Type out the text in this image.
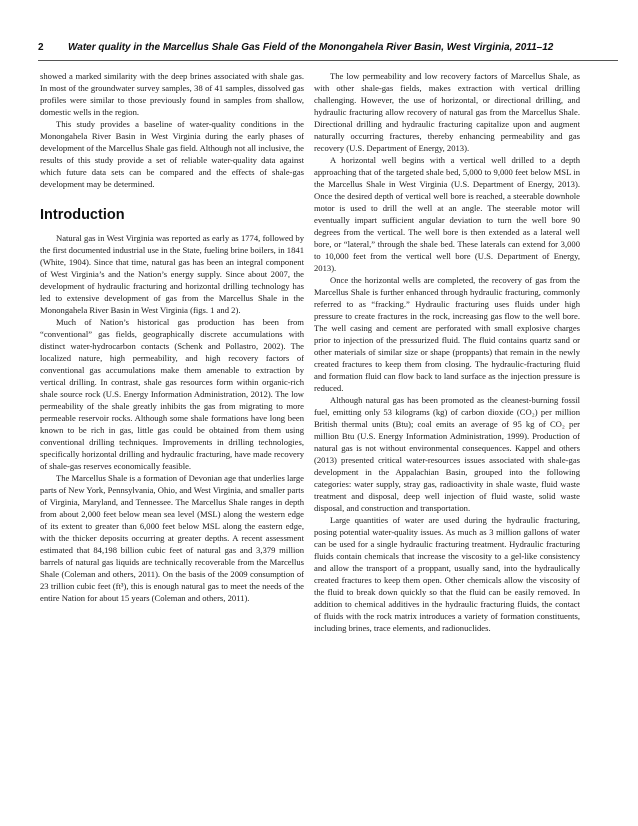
2 Water quality in the Marcellus Shale Gas Field of the Monongahela River Basin, West Virginia, 2011–12

showed a marked similarity with the deep brines associated with shale gas. In most of the groundwater survey samples, 38 of 41 samples, dissolved gas profiles were similar to those previously found in samples from shallow, domestic wells in the region.

This study provides a baseline of water-quality conditions in the Monongahela River Basin in West Virginia during the early phases of development of the Marcellus Shale gas field. Although not all inclusive, the results of this study provide a set of reliable water-quality data against which future data sets can be compared and the effects of shale-gas development may be determined.

Introduction

Natural gas in West Virginia was reported as early as 1774, followed by the first documented industrial use in the State, fueling brine boilers, in 1841 (White, 1904). Since that time, natural gas has been an integral component of West Virginia’s and the Nation’s energy supply. Since about 2007, the development of hydraulic fracturing and horizontal drilling technology has led to extensive development of gas from the Marcellus Shale in the Monongahela River Basin in West Virginia (figs. 1 and 2).

Much of Nation’s historical gas production has been from “conventional” gas fields, geographically discrete accumulations with distinct water-hydrocarbon contacts (Schenk and Pollastro, 2002). The localized nature, high permeability, and high recovery factors of conventional gas accumulations make them amenable to extraction by vertical drilling. In contrast, shale gas resources form within organic-rich shale source rock (U.S. Energy Information Administration, 2012). The low permeability of the shale greatly inhibits the gas from migrating to more permeable reservoir rocks. Although some shale formations have long been known to be rich in gas, little gas could be obtained from them using conventional drilling techniques. Improvements in drilling technologies, specifically horizontal drilling and hydraulic fracturing, have made recovery of shale-gas reserves economically feasible.

The Marcellus Shale is a formation of Devonian age that underlies large parts of New York, Pennsylvania, Ohio, and West Virginia, and smaller parts of Virginia, Maryland, and Tennessee. The Marcellus Shale ranges in depth from about 2,000 feet below mean sea level (MSL) along the western edge of its extent to greater than 6,000 feet below MSL along the eastern edge, with the thicker deposits occurring at greater depths. A recent assessment estimated that 84,198 billion cubic feet of natural gas and 3,379 million barrels of natural gas liquids are technically recoverable from the Marcellus Shale (Coleman and others, 2011). On the basis of the 2009 consumption of 23 trillion cubic feet (ft³), this is enough natural gas to meet the needs of the entire Nation for about 15 years (Coleman and others, 2011).

The low permeability and low recovery factors of Marcellus Shale, as with other shale-gas fields, makes extraction with vertical drilling challenging. However, the use of horizontal, or directional drilling, and hydraulic fracturing allow recovery of natural gas from the Marcellus Shale. Directional drilling and hydraulic fracturing capitalize upon and augment naturally occurring fractures, thereby enhancing permeability and gas recovery (U.S. Department of Energy, 2013).

A horizontal well begins with a vertical well drilled to a depth approaching that of the targeted shale bed, 5,000 to 9,000 feet below MSL in the Marcellus Shale in West Virginia (U.S. Department of Energy, 2013). Once the desired depth of vertical well bore is reached, a steerable downhole motor is used to drill the well at an angle. The steerable motor will eventually impart sufficient angular deviation to turn the well bore 90 degrees from the vertical. The well bore is then extended as a lateral well bore, or “lateral,” through the shale bed. These laterals can extend for 3,000 to 10,000 feet from the vertical well bore (U.S. Department of Energy, 2013).

Once the horizontal wells are completed, the recovery of gas from the Marcellus Shale is further enhanced through hydraulic fracturing, commonly referred to as “fracking.” Hydraulic fracturing uses fluids under high pressure to create fractures in the rock, increasing gas flow to the well bore. The well casing and cement are perforated with small explosive charges prior to injection of the pressurized fluid. The fluid contains quartz sand or other materials of similar size or shape (proppants) that remain in the newly created fractures to keep them from closing. The hydraulic-fracturing fluid and formation fluid can flow back to land surface as the injection pressure is reduced.

Although natural gas has been promoted as the cleanest-burning fossil fuel, emitting only 53 kilograms (kg) of carbon dioxide (CO₂) per million British thermal units (Btu); coal emits an average of 95 kg of CO₂ per million Btu (U.S. Energy Information Administration, 1999). Production of natural gas is not without environmental consequences. Kappel and others (2013) presented critical water-resources issues associated with shale-gas development in the Appalachian Basin, grouped into the following categories: water supply, stray gas, radioactivity in shale waste, fluid waste treatment and disposal, deep well injection of fluid waste, solid waste disposal, and construction and transportation.

Large quantities of water are used during the hydraulic fracturing, posing potential water-quality issues. As much as 3 million gallons of water can be used for a single hydraulic fracturing treatment. Hydraulic fracturing fluids contain chemicals that increase the viscosity to a gel-like consistency and allow the transport of a proppant, usually sand, into the hydraulically created fractures to keep them open. Other chemicals allow the viscosity of the fluid to break down quickly so that the fluid can be easily removed. In addition to chemical additives in the hydraulic fracturing fluids, the contact of fluids with the rock matrix introduces a variety of formation constituents, including brines, trace elements, and radionuclides.
